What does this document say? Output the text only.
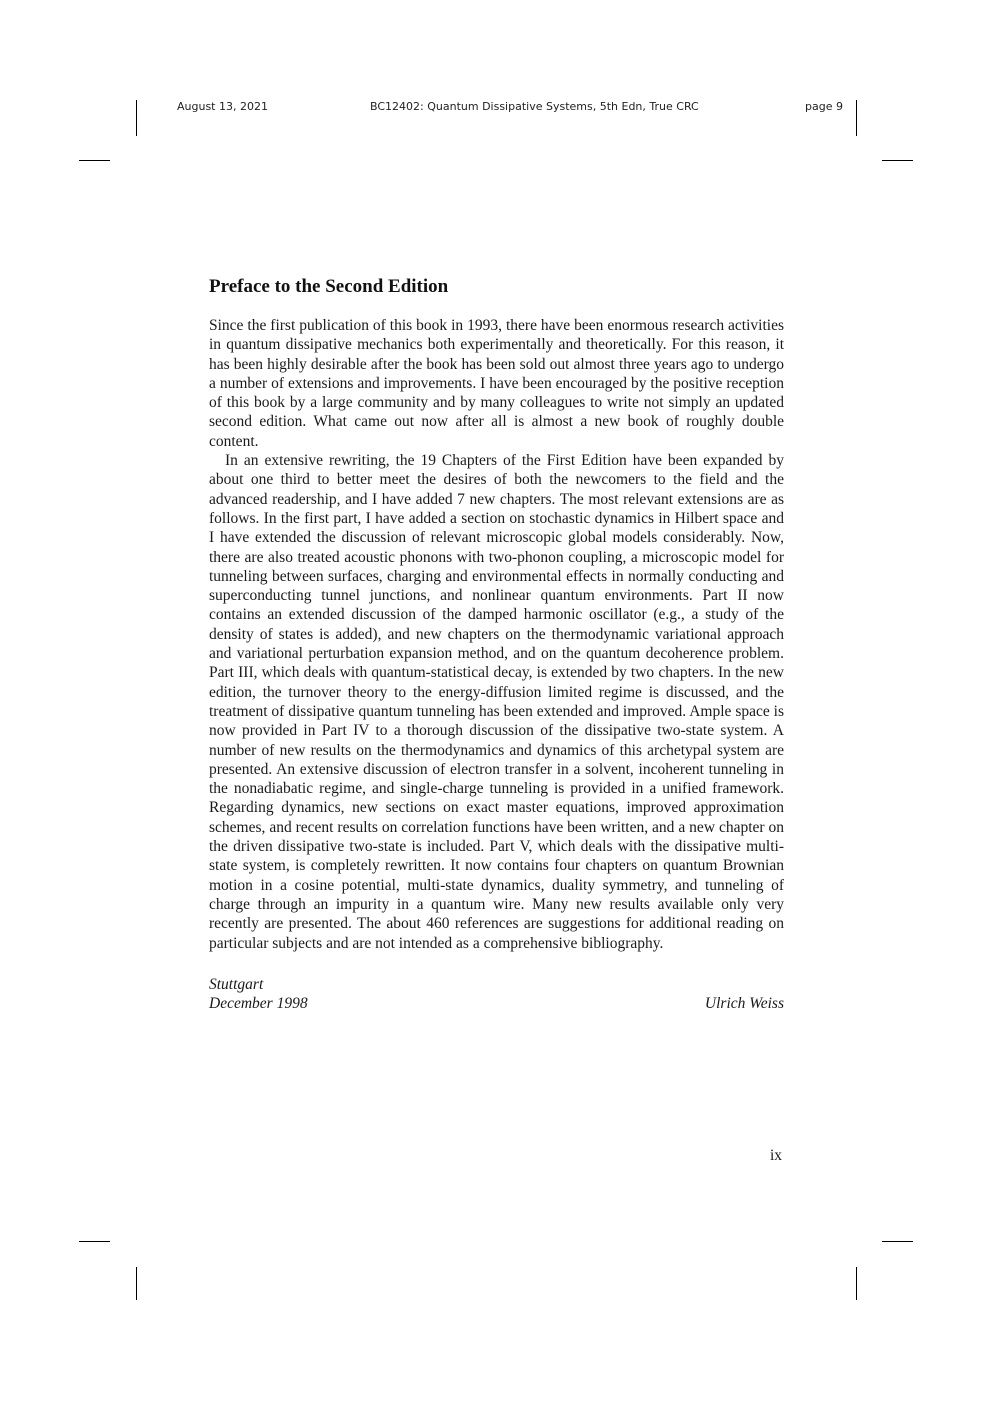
August 13, 2021	BC12402: Quantum Dissipative Systems, 5th Edn, True CRC	page 9
Preface to the Second Edition

Since the first publication of this book in 1993, there have been enormous research activities in quantum dissipative mechanics both experimentally and theoretically. For this reason, it has been highly desirable after the book has been sold out almost three years ago to undergo a number of extensions and improvements. I have been encouraged by the positive reception of this book by a large community and by many colleagues to write not simply an updated second edition. What came out now after all is almost a new book of roughly double content.

In an extensive rewriting, the 19 Chapters of the First Edition have been expanded by about one third to better meet the desires of both the newcomers to the field and the advanced readership, and I have added 7 new chapters. The most relevant extensions are as follows. In the first part, I have added a section on stochastic dynamics in Hilbert space and I have extended the discussion of relevant microscopic global models considerably. Now, there are also treated acoustic phonons with two-phonon coupling, a microscopic model for tunneling between surfaces, charging and environmental effects in normally conducting and superconducting tunnel junctions, and nonlinear quantum environments. Part II now contains an extended discussion of the damped harmonic oscillator (e.g., a study of the density of states is added), and new chapters on the thermodynamic variational approach and variational perturbation expansion method, and on the quantum decoherence problem. Part III, which deals with quantum-statistical decay, is extended by two chapters. In the new edition, the turnover theory to the energy-diffusion limited regime is discussed, and the treatment of dissipative quantum tunneling has been extended and improved. Ample space is now provided in Part IV to a thorough discussion of the dissipative two-state system. A number of new results on the thermodynamics and dynamics of this archetypal system are presented. An extensive discussion of electron transfer in a solvent, incoherent tunneling in the nonadiabatic regime, and single-charge tunneling is provided in a unified framework. Regarding dynamics, new sections on exact master equations, improved approximation schemes, and recent results on correlation functions have been written, and a new chapter on the driven dissipative two-state is included. Part V, which deals with the dissipative multi-state system, is completely rewritten. It now contains four chapters on quantum Brownian motion in a cosine potential, multi-state dynamics, duality symmetry, and tunneling of charge through an impurity in a quantum wire. Many new results available only very recently are presented. The about 460 references are suggestions for additional reading on particular subjects and are not intended as a comprehensive bibliography.

Stuttgart
December 1998	Ulrich Weiss
ix
